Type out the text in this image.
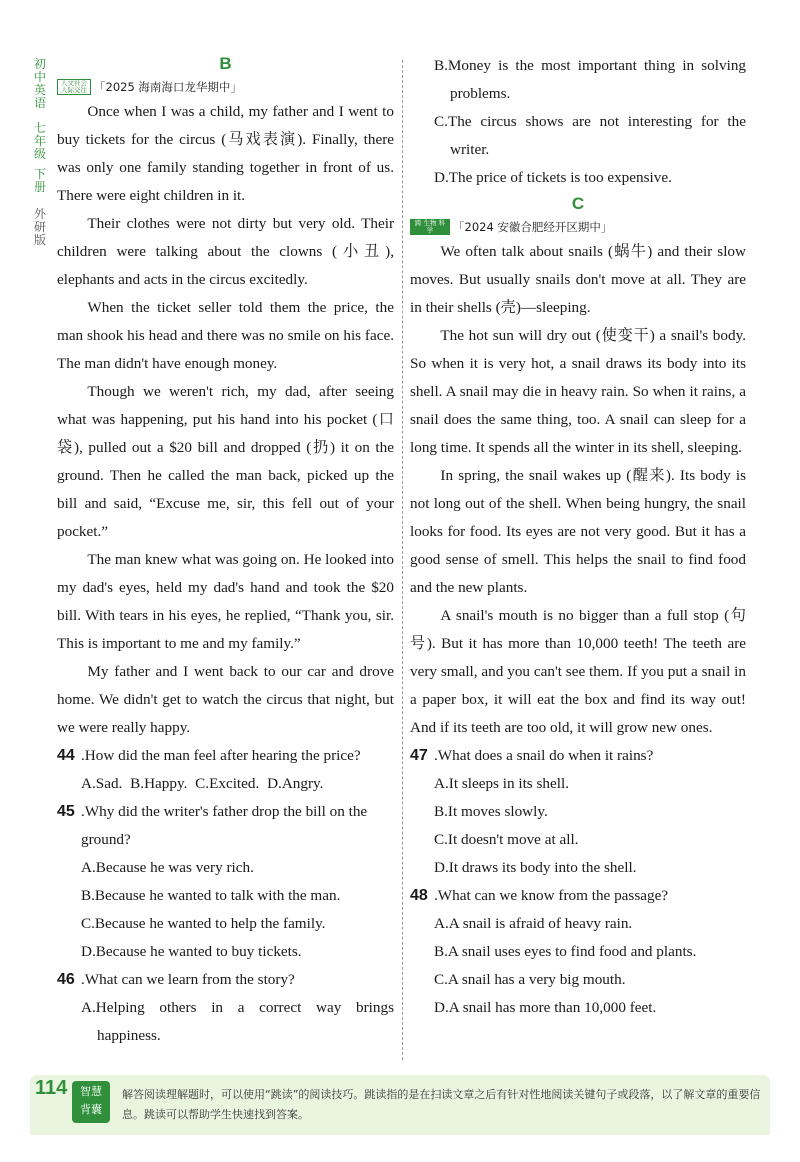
初中英语
七年级
下册
外研版
B
人文社会 人际交往 「2025 海南海口龙华期中」

Once when I was a child, my father and I went to buy tickets for the circus (马戏表演). Finally, there was only one family standing together in front of us. There were eight children in it.

Their clothes were not dirty but very old. Their children were talking about the clowns (小丑), elephants and acts in the circus excitedly.

When the ticket seller told them the price, the man shook his head and there was no smile on his face. The man didn't have enough money.

Though we weren't rich, my dad, after seeing what was happening, put his hand into his pocket (口袋), pulled out a $20 bill and dropped (扔) it on the ground. Then he called the man back, picked up the bill and said, “Excuse me, sir, this fell out of your pocket.”

The man knew what was going on. He looked into my dad's eyes, held my dad's hand and took the $20 bill. With tears in his eyes, he replied, “Thank you, sir. This is important to me and my family.”

My father and I went back to our car and drove home. We didn't get to watch the circus that night, but we were really happy.

44 .How did the man feel after hearing the price?

A.Sad. B.Happy. C.Excited. D.Angry.

45 .Why did the writer's father drop the bill on the ground?

A.Because he was very rich.

B.Because he wanted to talk with the man.

C.Because he wanted to help the family.

D.Because he wanted to buy tickets.

46 .What can we learn from the story?

A.Helping others in a correct way brings happiness.

B.Money is the most important thing in solving problems.

C.The circus shows are not interesting for the writer.

D.The price of tickets is too expensive.

C
跨 生物 科学	「2024 安徽合肥经开区期中」

We often talk about snails (蜗牛) and their slow moves. But usually snails don't move at all. They are in their shells (壳)—sleeping.

The hot sun will dry out (使变干) a snail's body. So when it is very hot, a snail draws its body into its shell. A snail may die in heavy rain. So when it rains, a snail does the same thing, too. A snail can sleep for a long time. It spends all the winter in its shell, sleeping.

In spring, the snail wakes up (醒来). Its body is not long out of the shell. When being hungry, the snail looks for food. Its eyes are not very good. But it has a good sense of smell. This helps the snail to find food and the new plants.

A snail's mouth is no bigger than a full stop (句号). But it has more than 10,000 teeth! The teeth are very small, and you can't see them. If you put a snail in a paper box, it will eat the box and find its way out! And if its teeth are too old, it will grow new ones.

47 .What does a snail do when it rains?

A.It sleeps in its shell.

B.It moves slowly.

C.It doesn't move at all.

D.It draws its body into the shell.

48 .What can we know from the passage?

A.A snail is afraid of heavy rain.

B.A snail uses eyes to find food and plants.

C.A snail has a very big mouth.

D.A snail has more than 10,000 feet.

114	智慧
背囊
解答阅读理解题时，可以使用“跳读”的阅读技巧。跳读指的是在扫读文章之后有针对性地阅读关键句子或段落，以了解文章的重要信息。跳读可以帮助学生快速找到答案。
